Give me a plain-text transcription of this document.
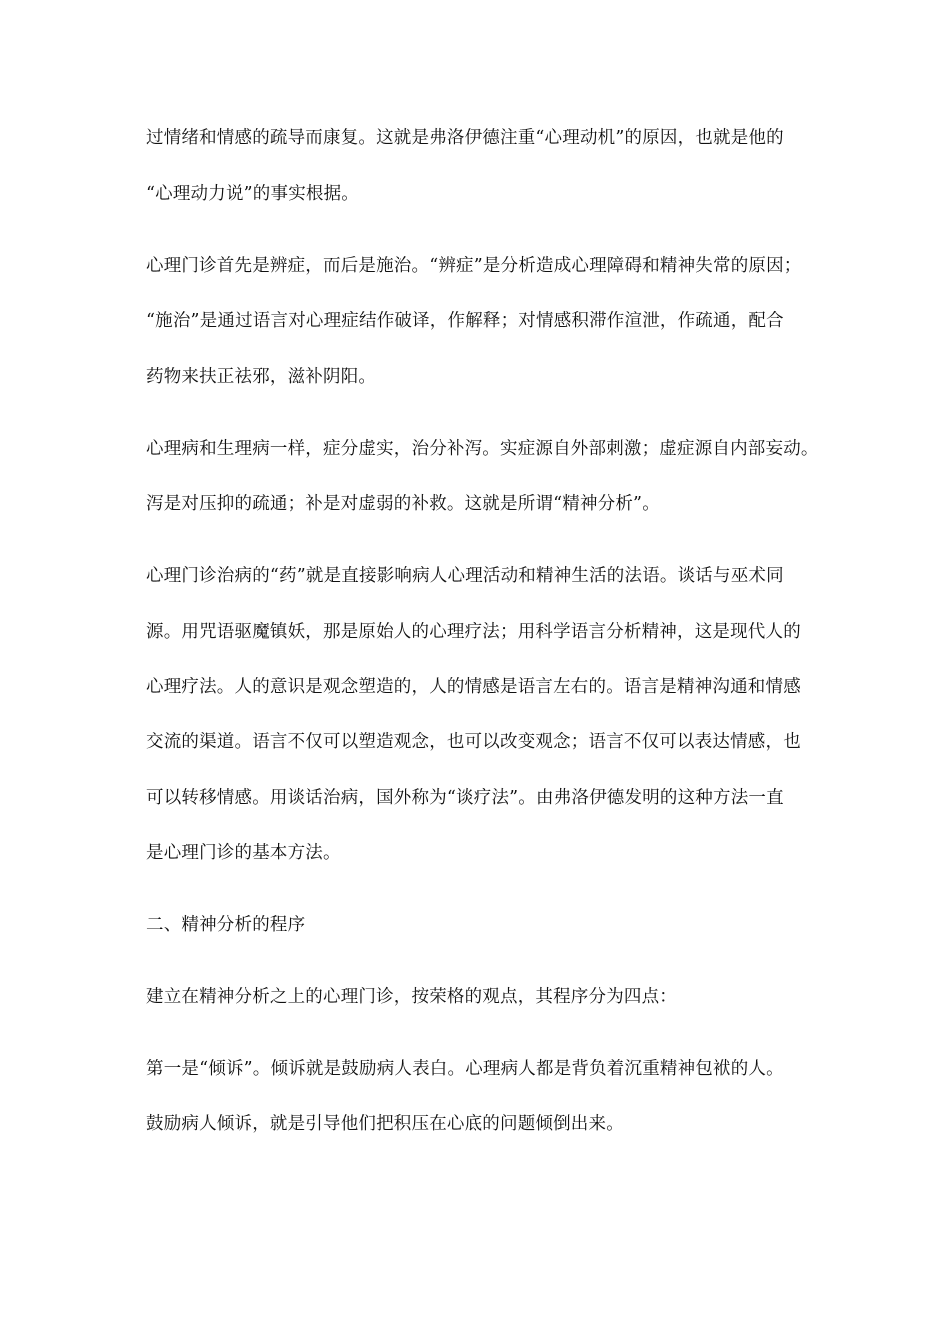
过情绪和情感的疏导而康复。这就是弗洛伊德注重“心理动机”的原因，也就是他的

“心理动力说”的事实根据。

心理门诊首先是辨症，而后是施治。“辨症”是分析造成心理障碍和精神失常的原因；

“施治”是通过语言对心理症结作破译，作解释；对情感积滞作渲泄，作疏通，配合

药物来扶正祛邪，滋补阴阳。

心理病和生理病一样，症分虚实，治分补泻。实症源自外部刺激；虚症源自内部妄动。

泻是对压抑的疏通；补是对虚弱的补救。这就是所谓“精神分析”。

心理门诊治病的“药”就是直接影响病人心理活动和精神生活的法语。谈话与巫术同

源。用咒语驱魔镇妖，那是原始人的心理疗法；用科学语言分析精神，这是现代人的

心理疗法。人的意识是观念塑造的，人的情感是语言左右的。语言是精神沟通和情感

交流的渠道。语言不仅可以塑造观念，也可以改变观念；语言不仅可以表达情感，也

可以转移情感。用谈话治病，国外称为“谈疗法”。由弗洛伊德发明的这种方法一直

是心理门诊的基本方法。

二、精神分析的程序

建立在精神分析之上的心理门诊，按荣格的观点，其程序分为四点：

第一是“倾诉”。倾诉就是鼓励病人表白。心理病人都是背负着沉重精神包袱的人。

鼓励病人倾诉，就是引导他们把积压在心底的问题倾倒出来。
